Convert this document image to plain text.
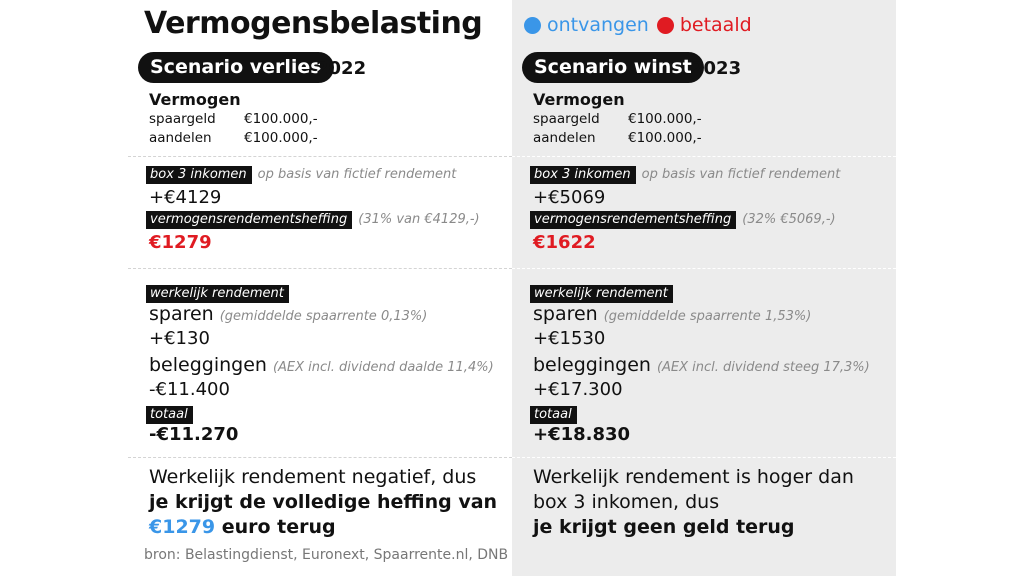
Vermogensbelasting	ontvangen betaald
Scenario verlies
2022
Vermogen
spaargeld €100.000,-
aandelen €100.000,-
box 3 inkomen op basis van fictief rendement
+€4129
vermogensrendementsheffing (31% van €4129,-)
€1279
werkelijk rendement
sparen (gemiddelde spaarrente 0,13%)
+€130
beleggingen (AEX incl. dividend daalde 11,4%)
-€11.400
totaal
-€11.270
Werkelijk rendement negatief, dus
je krijgt de volledige heffing van
€1279 euro terug
bron: Belastingdienst, Euronext, Spaarrente.nl, DNB
Scenario winst 2023
Vermogen
spaargeld €100.000,-
aandelen €100.000,-
box 3 inkomen op basis van fictief rendement
+€5069
vermogensrendementsheffing (32% €5069,-)
€1622
werkelijk rendement
sparen (gemiddelde spaarrente 1,53%)
+€1530
beleggingen (AEX incl. dividend steeg 17,3%)
+€17.300
totaal
+€18.830
Werkelijk rendement is hoger dan
box 3 inkomen, dus
je krijgt geen geld terug
